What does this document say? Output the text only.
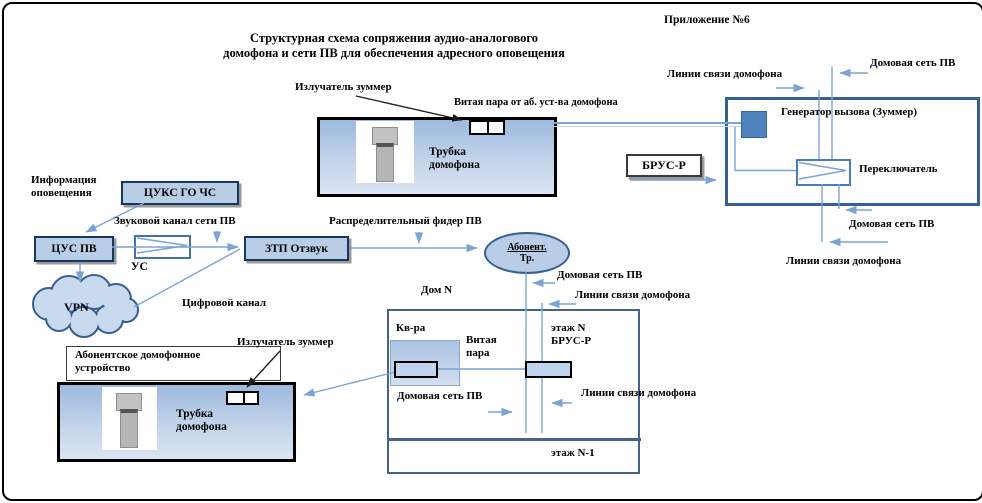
Приложение №6
Структурная схема сопряжения аудио-аналогового
домофона и сети ПВ для обеспечения адресного оповещения
Информация
оповещения	ЦУКС ГО ЧС
ЦУС ПВ
Звуковой канал сети ПВ
УС
ЗТП Отзвук
VPN	Цифровой канал
Трубка
домофона
Излучатель зуммер
Витая пара от аб. уст-ва домофона
БРУС-Р
Генератор вызова (Зуммер)
Переключатель
Домовая сеть ПВ
Линии связи домофона
Домовая сеть ПВ
Линии связи домофона
Распределительный фидер ПВ
Абонент.
Тр.
Домовая сеть ПВ
Линии связи домофона
Дом N
Кв-ра
Витая
пара
этаж N
БРУС-Р
Домовая сеть ПВ	Линии связи домофона
этаж N-1
Абонентское домофонное
устройство
Трубка
домофона
Излучатель зуммер
